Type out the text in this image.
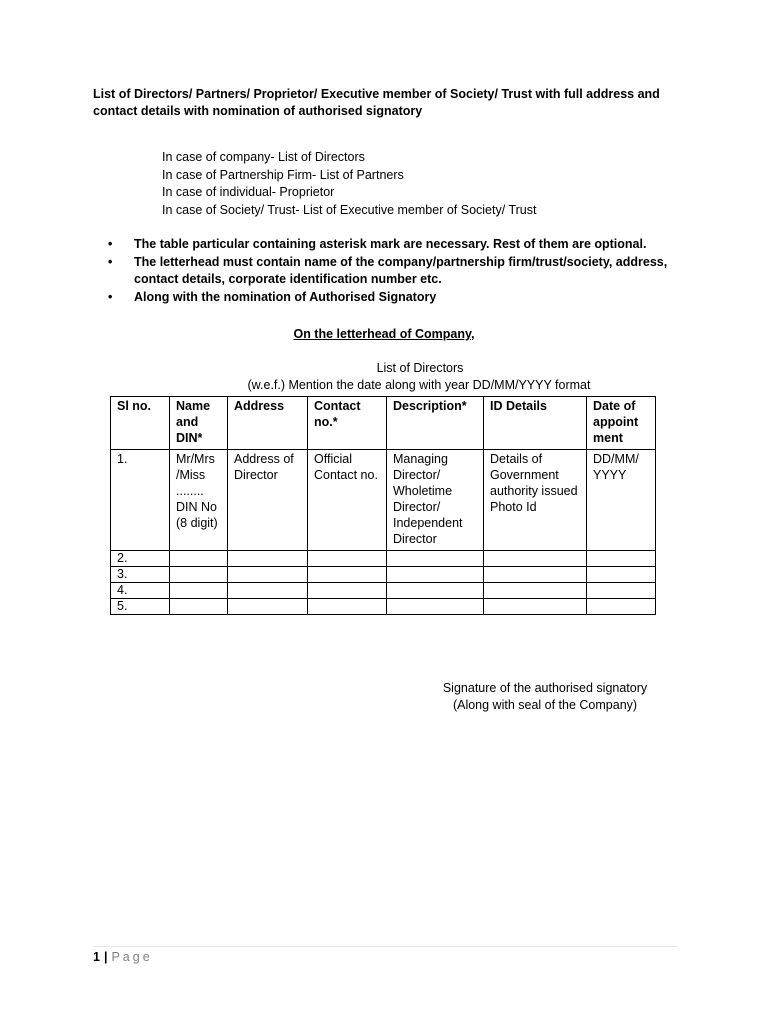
List of Directors/ Partners/ Proprietor/ Executive member of Society/ Trust with full address and contact details with nomination of authorised signatory
In case of company- List of Directors
In case of Partnership Firm- List of Partners
In case of individual- Proprietor
In case of Society/ Trust- List of Executive member of Society/ Trust
•	The table particular containing asterisk mark are necessary. Rest of them are optional.
•	The letterhead must contain name of the company/partnership firm/trust/society, address, contact details, corporate identification number etc.
•	Along with the nomination of Authorised Signatory
On the letterhead of Company,
List of Directors
(w.e.f.) Mention the date along with year DD/MM/YYYY format
Sl no.	Name and DIN*	Address	Contact no.*	Description*	ID Details	Date of appoint ment
1.	Mr/Mrs /Miss ........ DIN No (8 digit)	Address of Director	Official Contact no.	Managing Director/ Wholetime Director/ Independent Director	Details of Government authority issued Photo Id	DD/MM/ YYYY
2.						
3.						
4.						
5.						
Signature of the authorised signatory
(Along with seal of the Company)
1 | Page
